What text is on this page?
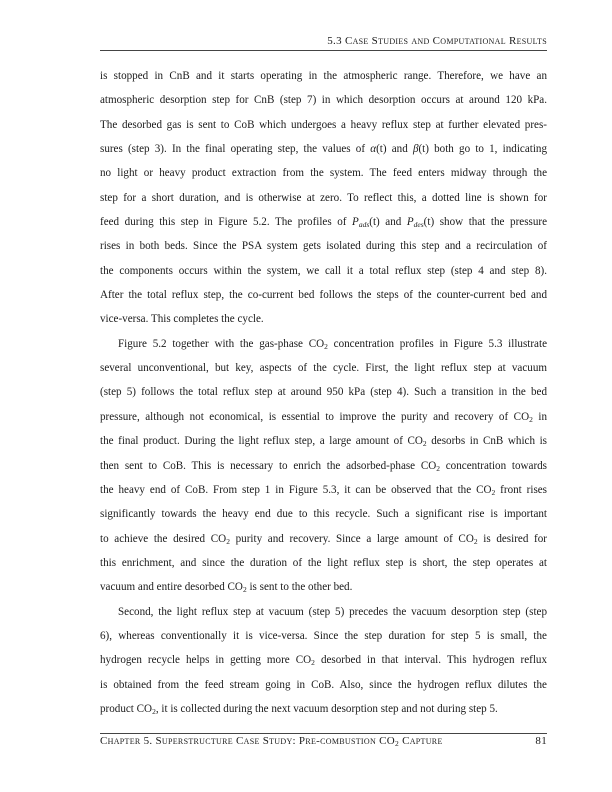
5.3 Case Studies and Computational Results
is stopped in CnB and it starts operating in the atmospheric range. Therefore, we have an
atmospheric desorption step for CnB (step 7) in which desorption occurs at around 120 kPa.
The desorbed gas is sent to CoB which undergoes a heavy reflux step at further elevated pres-
sures (step 3). In the final operating step, the values of α(t) and β(t) both go to 1, indicating
no light or heavy product extraction from the system. The feed enters midway through the
step for a short duration, and is otherwise at zero. To reflect this, a dotted line is shown for
feed during this step in Figure 5.2. The profiles of $P_{ads}(t)$ and $P_{des}(t)$ show that the pressure
rises in both beds. Since the PSA system gets isolated during this step and a recirculation of
the components occurs within the system, we call it a total reflux step (step 4 and step 8).
After the total reflux step, the co-current bed follows the steps of the counter-current bed and
vice-versa. This completes the cycle.
Figure 5.2 together with the gas-phase $CO_2$ concentration profiles in Figure 5.3 illustrate
several unconventional, but key, aspects of the cycle. First, the light reflux step at vacuum
(step 5) follows the total reflux step at around 950 kPa (step 4). Such a transition in the bed
pressure, although not economical, is essential to improve the purity and recovery of $CO_2$ in
the final product. During the light reflux step, a large amount of $CO_2$ desorbs in CnB which is
then sent to CoB. This is necessary to enrich the adsorbed-phase $CO_2$ concentration towards
the heavy end of CoB. From step 1 in Figure 5.3, it can be observed that the $CO_2$ front rises
significantly towards the heavy end due to this recycle. Such a significant rise is important
to achieve the desired $CO_2$ purity and recovery. Since a large amount of $CO_2$ is desired for
this enrichment, and since the duration of the light reflux step is short, the step operates at
vacuum and entire desorbed $CO_2$ is sent to the other bed.
Second, the light reflux step at vacuum (step 5) precedes the vacuum desorption step (step
6), whereas conventionally it is vice-versa. Since the step duration for step 5 is small, the
hydrogen recycle helps in getting more $CO_2$ desorbed in that interval. This hydrogen reflux
is obtained from the feed stream going in CoB. Also, since the hydrogen reflux dilutes the
product $CO_2$, it is collected during the next vacuum desorption step and not during step 5.
Chapter 5. Superstructure Case Study: Pre-combustion $CO_2$ Capture	81
